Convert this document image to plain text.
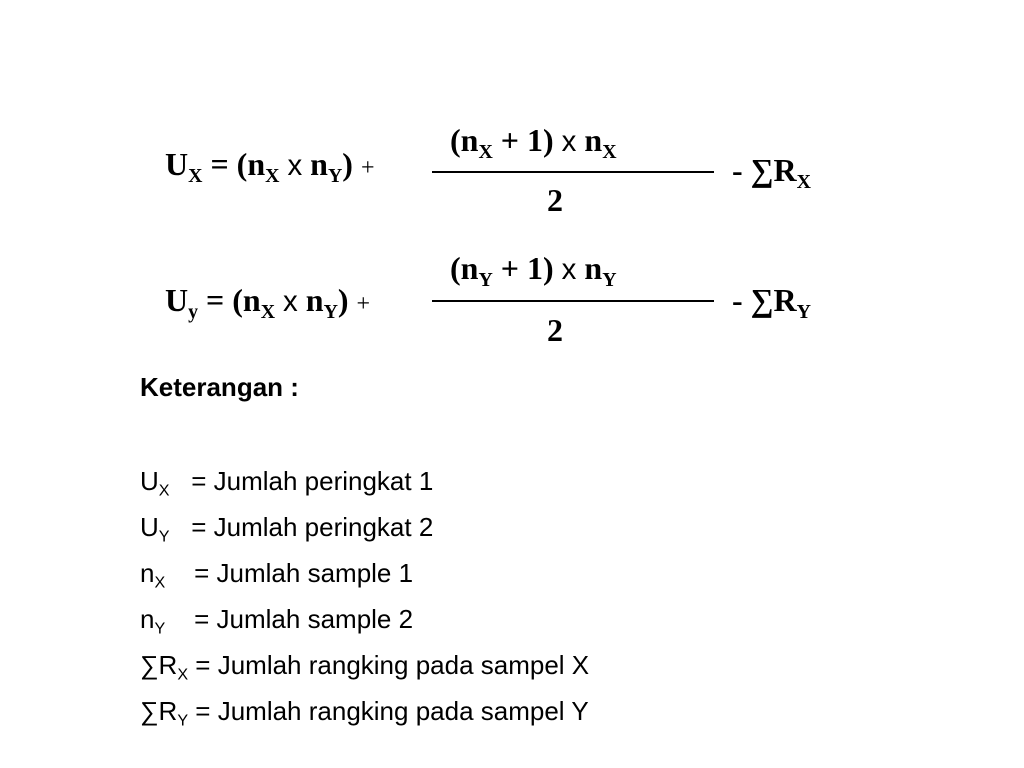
$U_X = (n_X$ x $n_Y$) +
$(n_X + 1)$ x $n_X$
2
- $\sum R_X$
$U_y = (n_X$ x $n_Y$) +
$(n_Y + 1)$ x $n_Y$
2
- $\sum R_Y$
Keterangan :
$U_X$ = Jumlah peringkat 1
$U_Y$ = Jumlah peringkat 2
$n_X$ = Jumlah sample 1
$n_Y$ = Jumlah sample 2
$\sum R_X$ = Jumlah rangking pada sampel X
$\sum R_Y$ = Jumlah rangking pada sampel Y
